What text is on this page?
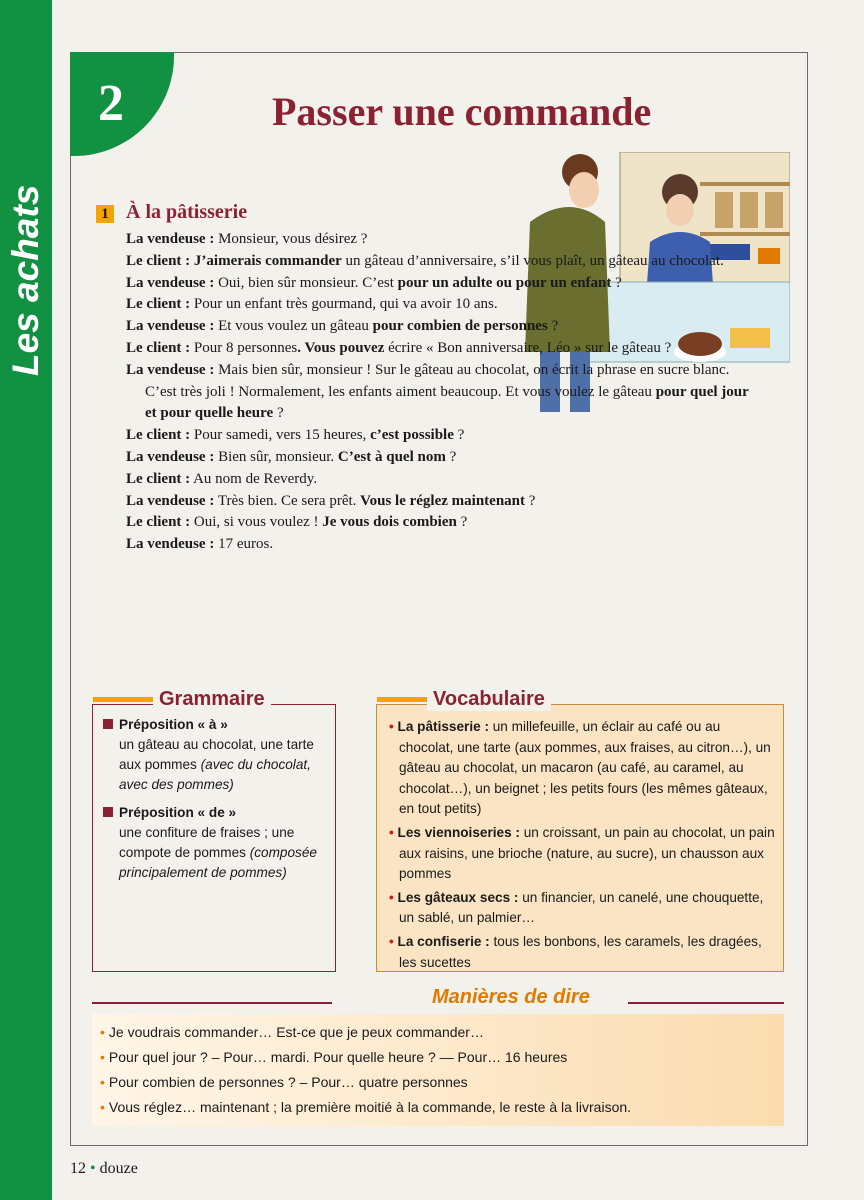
Les achats
2	Passer une commande
1 À la pâtisserie
La vendeuse : Monsieur, vous désirez ?
Le client : J’aimerais commander un gâteau d’anniversaire, s’il vous plaît, un gâteau au chocolat.
La vendeuse : Oui, bien sûr monsieur. C’est pour un adulte ou pour un enfant ?
Le client : Pour un enfant très gourmand, qui va avoir 10 ans.
La vendeuse : Et vous voulez un gâteau pour combien de personnes ?
Le client : Pour 8 personnes. Vous pouvez écrire « Bon anniversaire, Léo » sur le gâteau ?
La vendeuse : Mais bien sûr, monsieur ! Sur le gâteau au chocolat, on écrit la phrase en sucre blanc. C’est très joli ! Normalement, les enfants aiment beaucoup. Et vous voulez le gâteau pour quel jour et pour quelle heure ?
Le client : Pour samedi, vers 15 heures, c’est possible ?
La vendeuse : Bien sûr, monsieur. C’est à quel nom ?
Le client : Au nom de Reverdy.
La vendeuse : Très bien. Ce sera prêt. Vous le réglez maintenant ?
Le client : Oui, si vous voulez ! Je vous dois combien ?
La vendeuse : 17 euros.
Grammaire
Préposition « à »
un gâteau au chocolat, une tarte aux pommes (avec du chocolat, avec des pommes)
Préposition « de »
une confiture de fraises ; une compote de pommes (composée principalement de pommes)
Vocabulaire
• La pâtisserie : un millefeuille, un éclair au café ou au chocolat, une tarte (aux pommes, aux fraises, au citron…), un gâteau au chocolat, un macaron (au café, au caramel, au chocolat…), un beignet ; les petits fours (les mêmes gâteaux, en tout petits)
• Les viennoiseries : un croissant, un pain au chocolat, un pain aux raisins, une brioche (nature, au sucre), un chausson aux pommes
• Les gâteaux secs : un financier, un canelé, une chouquette, un sablé, un palmier…
• La confiserie : tous les bonbons, les caramels, les dragées, les sucettes
Manières de dire
• Je voudrais commander… Est-ce que je peux commander…
• Pour quel jour ? – Pour… mardi. Pour quelle heure ? — Pour… 16 heures
• Pour combien de personnes ? – Pour… quatre personnes
• Vous réglez… maintenant ; la première moitié à la commande, le reste à la livraison.
12 • douze
